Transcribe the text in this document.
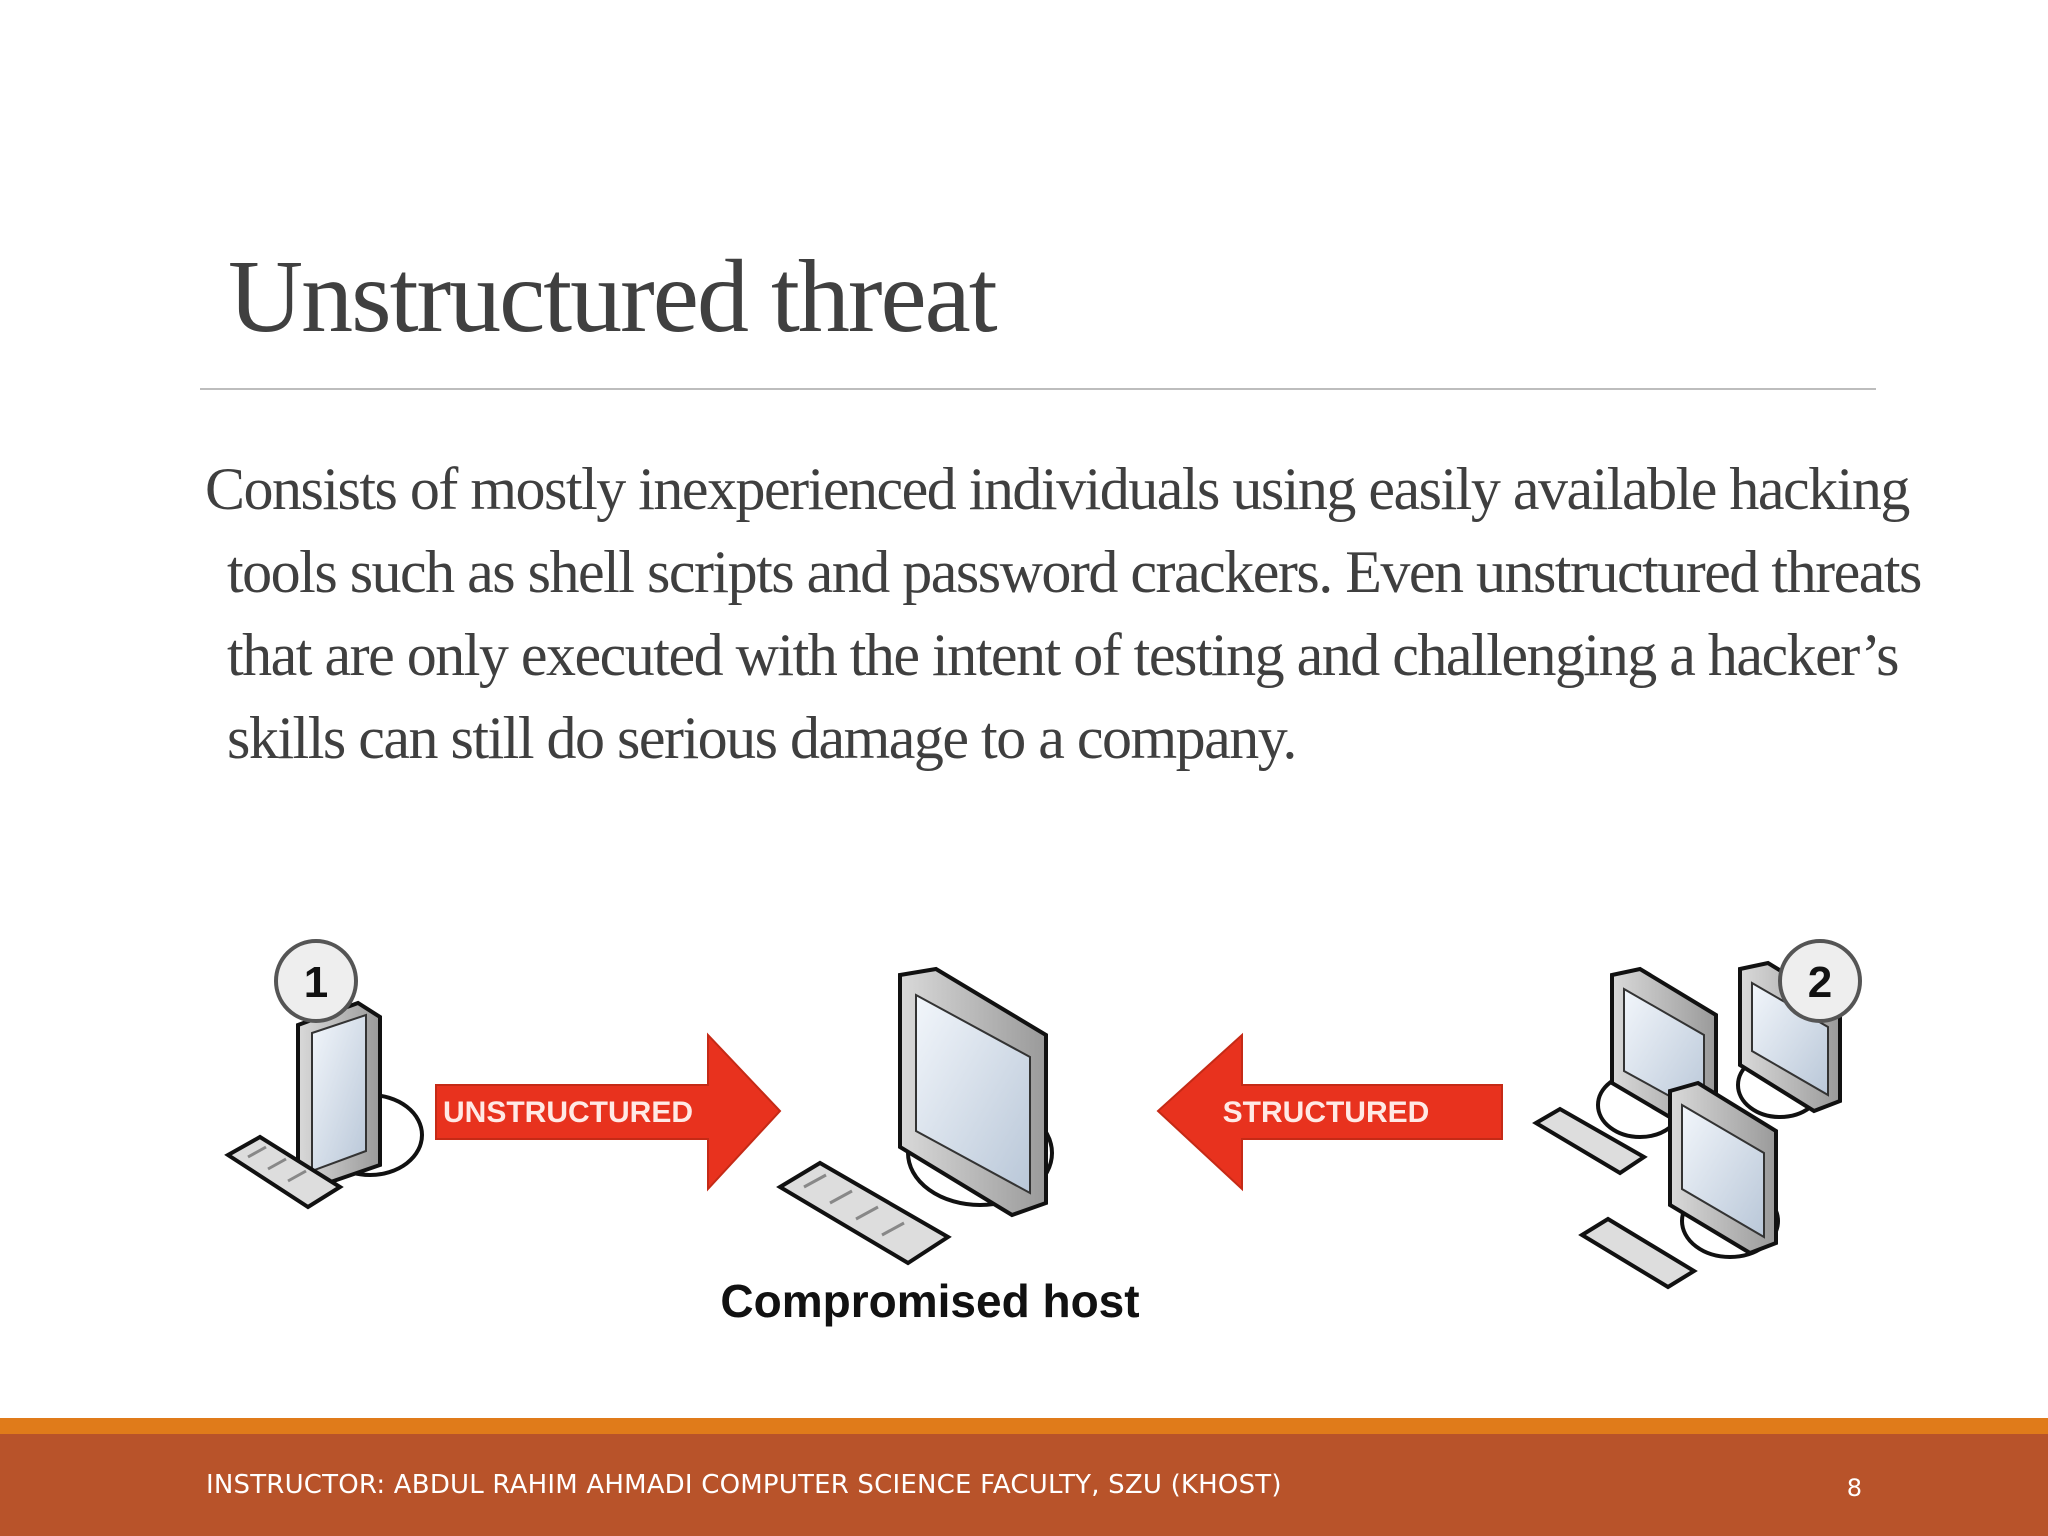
Unstructured threat

Consists of mostly inexperienced individuals using easily available hacking tools such as shell scripts and password crackers. Even unstructured threats that are only executed with the intent of testing and challenging a hacker’s skills can still do serious damage to a company.

1
UNSTRUCTURED	STRUCTURED
2
Compromised host
INSTRUCTOR: ABDUL RAHIM AHMADI COMPUTER SCIENCE FACULTY, SZU (KHOST)	8
